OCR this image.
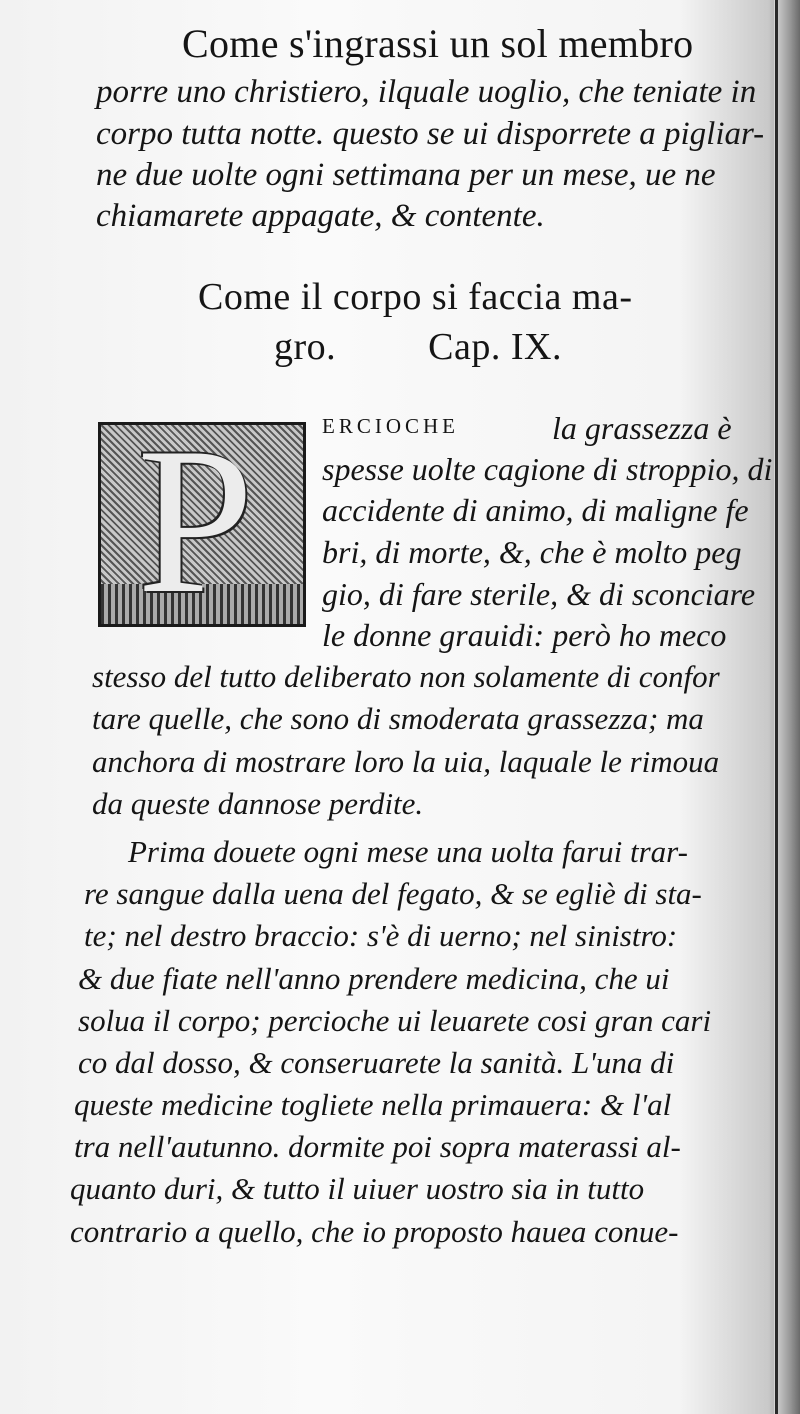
Come s'ingrassi un sol membro
porre uno christiero, ilquale uoglio, che teniate in
corpo tutta notte. questo se ui disporrete a pigliar-
ne due uolte ogni settimana per un mese, ue ne
chiamarete appagate, & contente.
Come il corpo si faccia ma-
gro. Cap. IX.
P	ERCIOCHE	la grassezza è
spesse uolte cagione di stroppio, di
accidente di animo, di maligne fe
bri, di morte, &, che è molto peg
gio, di fare sterile, & di sconciare
le donne grauidi: però ho meco
stesso del tutto deliberato non solamente di confor
tare quelle, che sono di smoderata grassezza; ma
anchora di mostrare loro la uia, laquale le rimoua
da queste dannose perdite.
Prima douete ogni mese una uolta farui trar-
re sangue dalla uena del fegato, & se egliè di sta-
te; nel destro braccio: s'è di uerno; nel sinistro:
& due fiate nell'anno prendere medicina, che ui
solua il corpo; percioche ui leuarete cosi gran cari
co dal dosso, & conseruarete la sanità. L'una di
queste medicine togliete nella primauera: & l'al
tra nell'autunno. dormite poi sopra materassi al-
quanto duri, & tutto il uiuer uostro sia in tutto
contrario a quello, che io proposto hauea conue-
